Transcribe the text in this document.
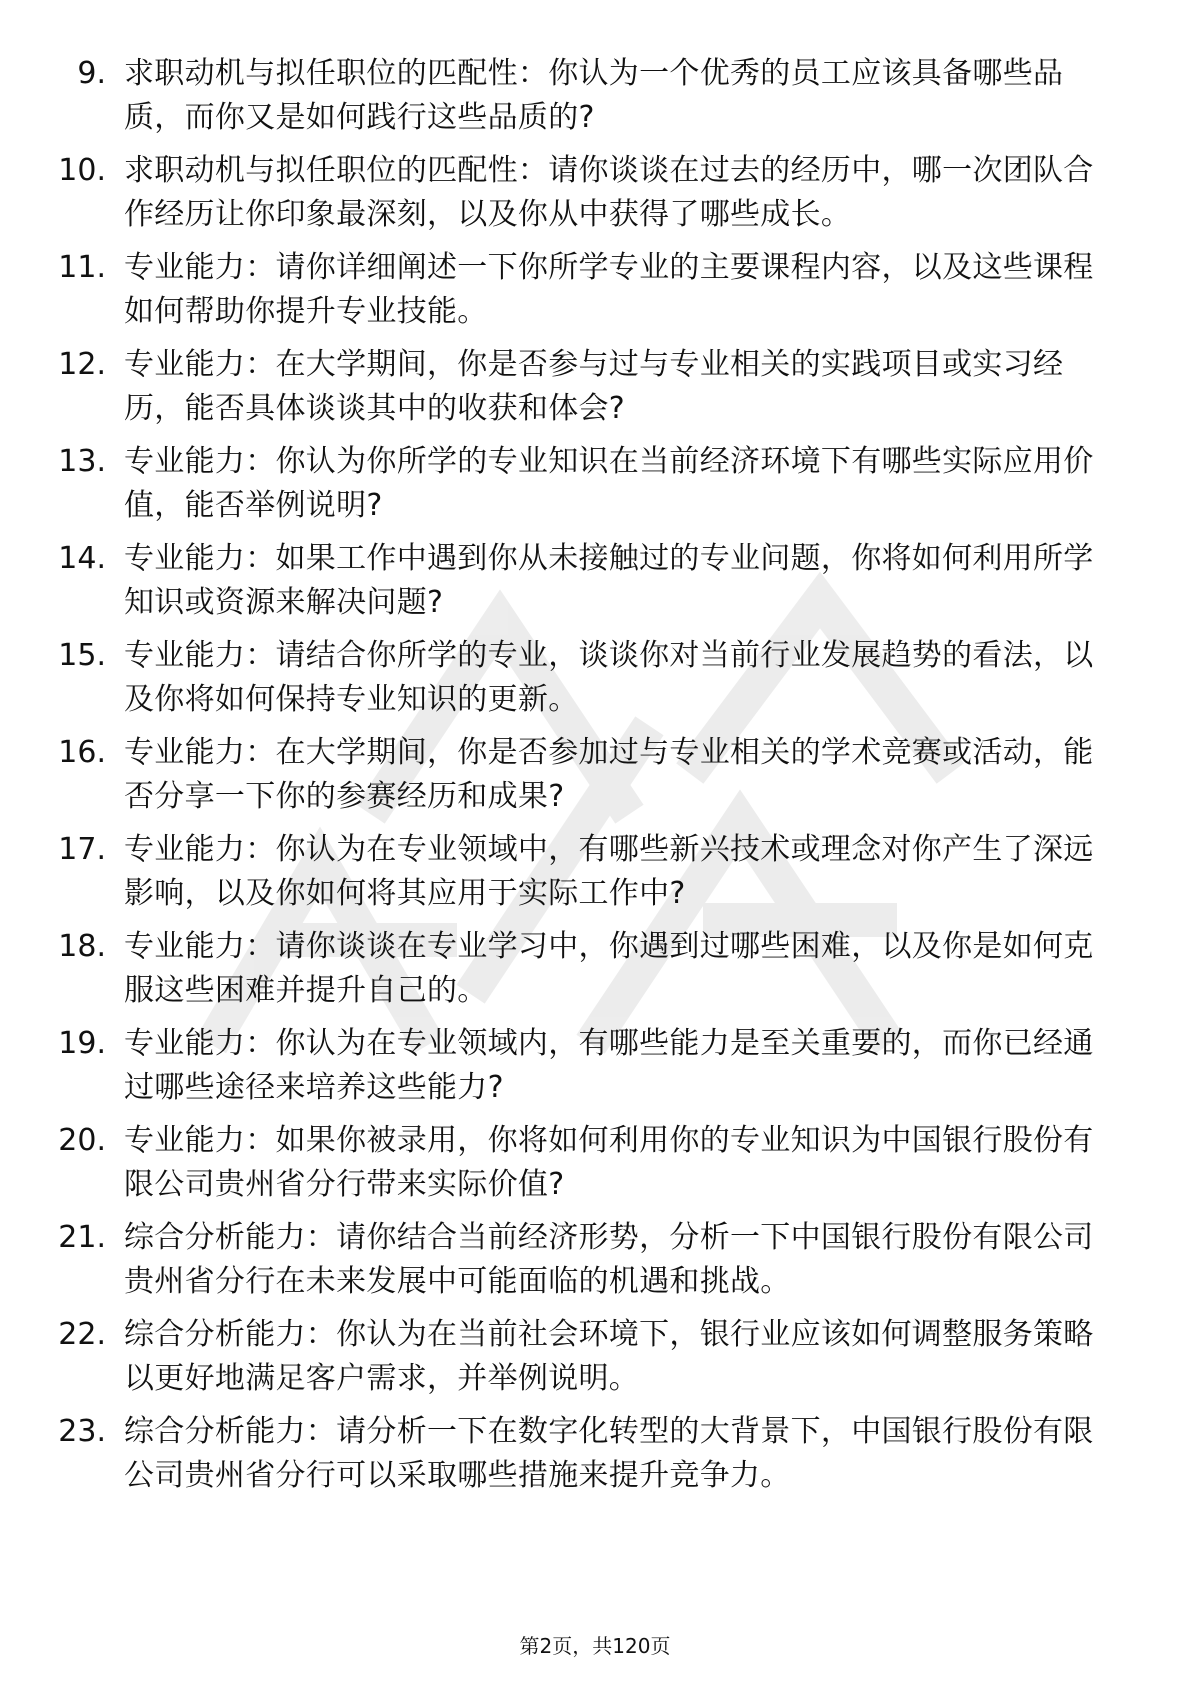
9. 求职动机与拟任职位的匹配性：你认为一个优秀的员工应该具备哪些品质，而你又是如何践行这些品质的?
10. 求职动机与拟任职位的匹配性：请你谈谈在过去的经历中，哪一次团队合作经历让你印象最深刻，以及你从中获得了哪些成长。
11. 专业能力：请你详细阐述一下你所学专业的主要课程内容，以及这些课程如何帮助你提升专业技能。
12. 专业能力：在大学期间，你是否参与过与专业相关的实践项目或实习经历，能否具体谈谈其中的收获和体会?
13. 专业能力：你认为你所学的专业知识在当前经济环境下有哪些实际应用价值，能否举例说明?
14. 专业能力：如果工作中遇到你从未接触过的专业问题，你将如何利用所学知识或资源来解决问题?
15. 专业能力：请结合你所学的专业，谈谈你对当前行业发展趋势的看法，以及你将如何保持专业知识的更新。
16. 专业能力：在大学期间，你是否参加过与专业相关的学术竞赛或活动，能否分享一下你的参赛经历和成果?
17. 专业能力：你认为在专业领域中，有哪些新兴技术或理念对你产生了深远影响，以及你如何将其应用于实际工作中?
18. 专业能力：请你谈谈在专业学习中，你遇到过哪些困难，以及你是如何克服这些困难并提升自己的。
19. 专业能力：你认为在专业领域内，有哪些能力是至关重要的，而你已经通过哪些途径来培养这些能力?
20. 专业能力：如果你被录用，你将如何利用你的专业知识为中国银行股份有限公司贵州省分行带来实际价值?
21. 综合分析能力：请你结合当前经济形势，分析一下中国银行股份有限公司贵州省分行在未来发展中可能面临的机遇和挑战。
22. 综合分析能力：你认为在当前社会环境下，银行业应该如何调整服务策略以更好地满足客户需求，并举例说明。
23. 综合分析能力：请分析一下在数字化转型的大背景下，中国银行股份有限公司贵州省分行可以采取哪些措施来提升竞争力。
第2页，共120页
